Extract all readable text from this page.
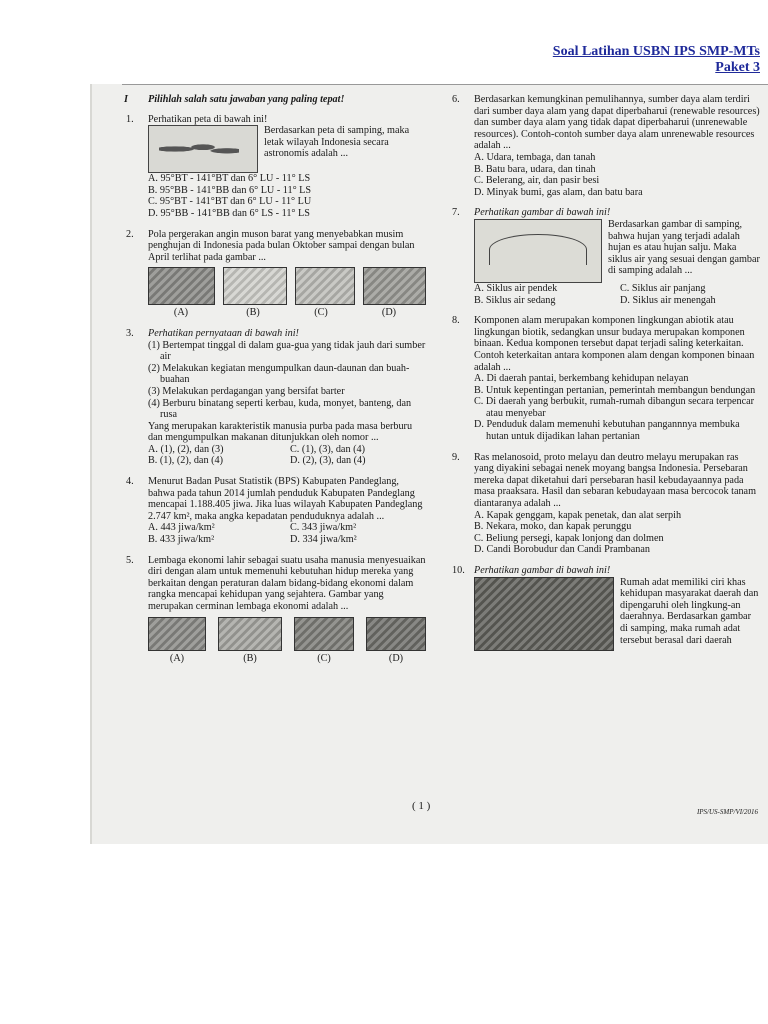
Soal Latihan USBN IPS SMP-MTs
Paket 3
I Pilihlah salah satu jawaban yang paling tepat!
1. Perhatikan peta di bawah ini!
Berdasarkan peta di samping, maka letak wilayah Indonesia secara astronomis adalah ...
A. 95°BT - 141°BT dan 6° LU - 11° LS
B. 95°BB - 141°BB dan 6° LU - 11° LS
C. 95°BT - 141°BT dan 6° LU - 11° LU
D. 95°BB - 141°BB dan 6° LS - 11° LS
2. Pola pergerakan angin muson barat yang menyebabkan musim penghujan di Indonesia pada bulan Oktober sampai dengan bulan April terlihat pada gambar ...
(A)	(B)	(C)	(D)
3. Perhatikan pernyataan di bawah ini!
(1) Bertempat tinggal di dalam gua-gua yang tidak jauh dari sumber air
(2) Melakukan kegiatan mengumpulkan daun-daunan dan buah-buahan
(3) Melakukan perdagangan yang bersifat barter
(4) Berburu binatang seperti kerbau, kuda, monyet, banteng, dan rusa
Yang merupakan karakteristik manusia purba pada masa berburu dan mengumpulkan makanan ditunjukkan oleh nomor ...
A. (1), (2), dan (3)	C. (1), (3), dan (4)
B. (1), (2), dan (4)	D. (2), (3), dan (4)
4. Menurut Badan Pusat Statistik (BPS) Kabupaten Pandeglang, bahwa pada tahun 2014 jumlah penduduk Kabupaten Pandeglang mencapai 1.188.405 jiwa. Jika luas wilayah Kabupaten Pandeglang 2.747 km², maka angka kepadatan penduduknya adalah ...
A. 443 jiwa/km²	C. 343 jiwa/km²
B. 433 jiwa/km²	D. 334 jiwa/km²
5. Lembaga ekonomi lahir sebagai suatu usaha manusia menyesuaikan diri dengan alam untuk memenuhi kebutuhan hidup mereka yang berkaitan dengan peraturan dalam bidang-bidang ekonomi dalam rangka mencapai kehidupan yang sejahtera. Gambar yang merupakan cerminan lembaga ekonomi adalah ...
(A)	(B)	(C)	(D)
6. Berdasarkan kemungkinan pemulihannya, sumber daya alam terdiri dari sumber daya alam yang dapat diperbaharui (renewable resources) dan sumber daya alam yang tidak dapat diperbaharui (unrenewable resources). Contoh-contoh sumber daya alam unrenewable resources adalah ...
A. Udara, tembaga, dan tanah
B. Batu bara, udara, dan tinah
C. Belerang, air, dan pasir besi
D. Minyak bumi, gas alam, dan batu bara
7. Perhatikan gambar di bawah ini!
Berdasarkan gambar di samping, bahwa hujan yang terjadi adalah hujan es atau hujan salju. Maka siklus air yang sesuai dengan gambar di samping adalah ...
A. Siklus air pendek	C. Siklus air panjang
B. Siklus air sedang	D. Siklus air menengah
8. Komponen alam merupakan komponen lingkungan abiotik atau lingkungan biotik, sedangkan unsur budaya merupakan komponen binaan. Kedua komponen tersebut dapat terjadi saling keterkaitan. Contoh keterkaitan antara komponen alam dengan komponen binaan adalah ...
A. Di daerah pantai, berkembang kehidupan nelayan
B. Untuk kepentingan pertanian, pemerintah membangun bendungan
C. Di daerah yang berbukit, rumah-rumah dibangun secara terpencar atau menyebar
D. Penduduk dalam memenuhi kebutuhan pangannnya membuka hutan untuk dijadikan lahan pertanian
9. Ras melanosoid, proto melayu dan deutro melayu merupakan ras yang diyakini sebagai nenek moyang bangsa Indonesia. Persebaran mereka dapat diketahui dari persebaran hasil kebudayaannya pada masa praaksara. Hasil dan sebaran kebudayaan masa bercocok tanam diantaranya adalah ...
A. Kapak genggam, kapak penetak, dan alat serpih
B. Nekara, moko, dan kapak perunggu
C. Beliung persegi, kapak lonjong dan dolmen
D. Candi Borobudur dan Candi Prambanan
10. Perhatikan gambar di bawah ini!
Rumah adat memiliki ciri khas kehidupan masyarakat daerah dan dipengaruhi oleh lingkung-an daerahnya. Berdasarkan gambar di samping, maka rumah adat tersebut berasal dari daerah
( 1 )	IPS/US-SMP/VI/2016
